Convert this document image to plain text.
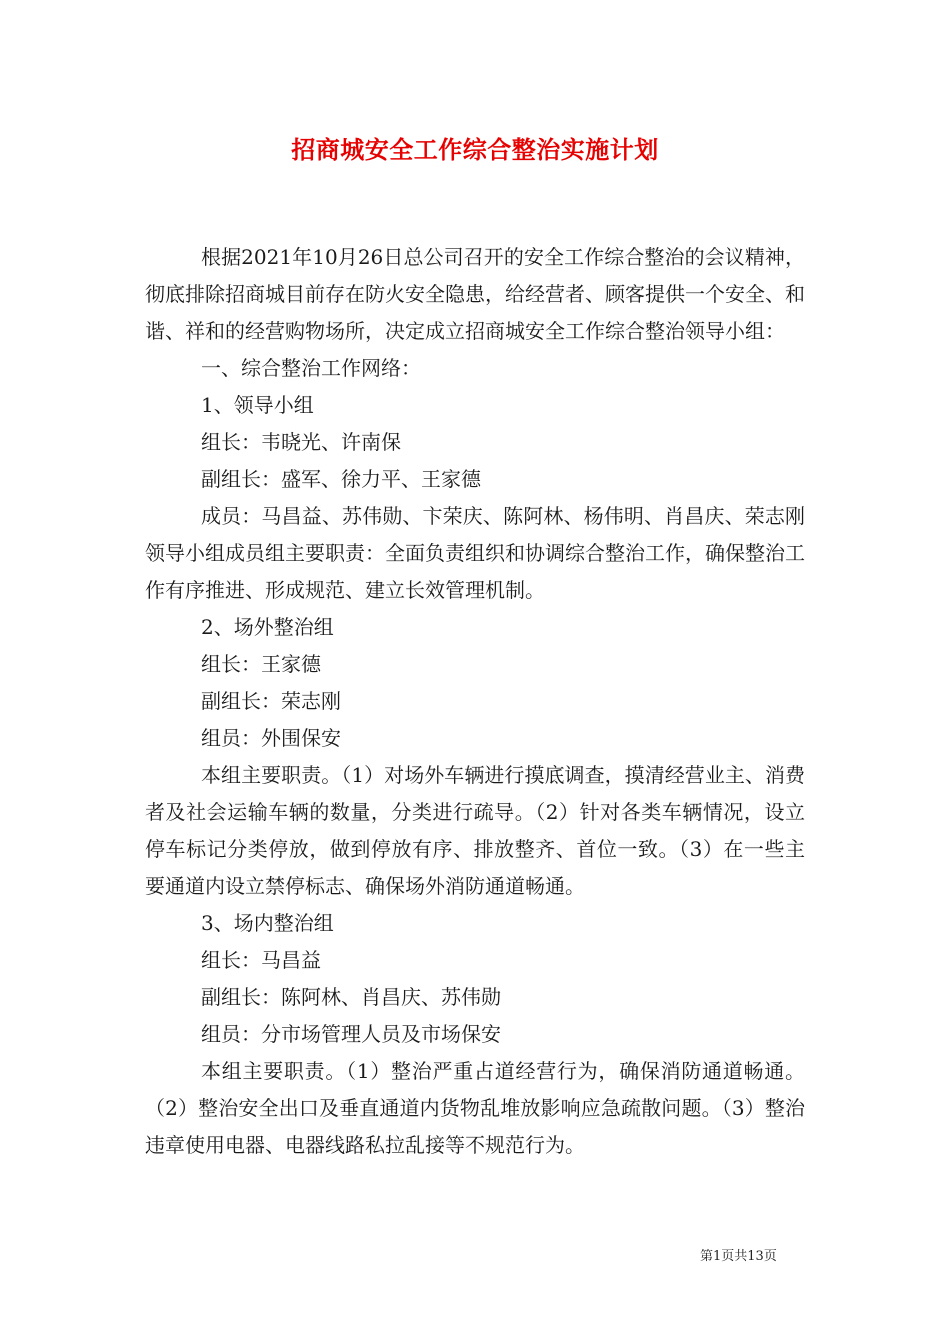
招商城安全工作综合整治实施计划

根据2021年10月26日总公司召开的安全工作综合整治的会议精神，彻底排除招商城目前存在防火安全隐患，给经营者、顾客提供一个安全、和谐、祥和的经营购物场所，决定成立招商城安全工作综合整治领导小组：

一、综合整治工作网络：

1、领导小组

组长：韦晓光、许南保

副组长：盛军、徐力平、王家德

成员：马昌益、苏伟勋、卞荣庆、陈阿林、杨伟明、肖昌庆、荣志刚领导小组成员组主要职责：全面负责组织和协调综合整治工作，确保整治工作有序推进、形成规范、建立长效管理机制。

2、场外整治组

组长：王家德

副组长：荣志刚

组员：外围保安

本组主要职责。（1）对场外车辆进行摸底调查，摸清经营业主、消费者及社会运输车辆的数量，分类进行疏导。（2）针对各类车辆情况，设立停车标记分类停放，做到停放有序、排放整齐、首位一致。（3）在一些主要通道内设立禁停标志、确保场外消防通道畅通。

3、场内整治组

组长：马昌益

副组长：陈阿林、肖昌庆、苏伟勋

组员：分市场管理人员及市场保安

本组主要职责。（1）整治严重占道经营行为，确保消防通道畅通。（2）整治安全出口及垂直通道内货物乱堆放影响应急疏散问题。（3）整治违章使用电器、电器线路私拉乱接等不规范行为。

第1页共13页
